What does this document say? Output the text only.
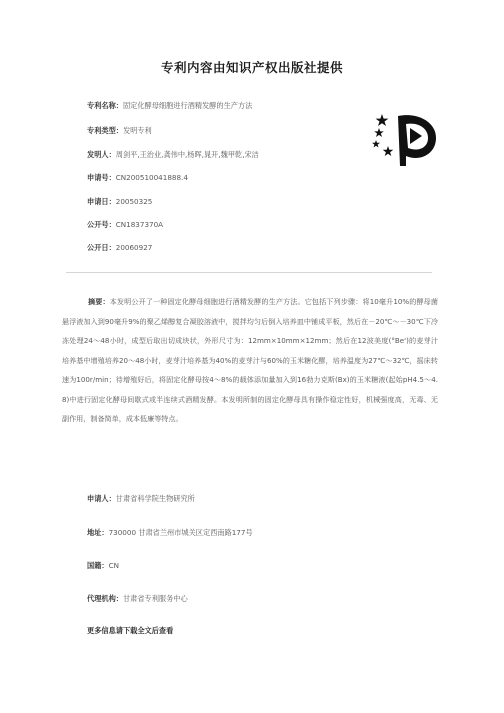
专利内容由知识产权出版社提供
专利名称：固定化酵母细胞进行酒精发酵的生产方法
专利类型：发明专利
发明人：周剑平,王治业,龚伟中,杨晖,晁开,魏甲乾,宋洁
申请号：CN200510041888.4
申请日：20050325
公开号：CN1837370A
公开日：20060927
摘要：本发明公开了一种固定化酵母细胞进行酒精发酵的生产方法。它包括下列步骤：将10毫升10%的酵母菌悬浮液加入到90毫升9%的聚乙烯醇复合凝胶溶液中，搅拌均匀后倒入培养皿中铺成平板，然后在－20℃～－30℃下冷冻处理24～48小时，成型后取出切成块状，外形尺寸为：12mm×10mm×12mm；然后在12波美度(°Be')的麦芽汁培养基中增殖培养20～48小时，麦芽汁培养基为40%的麦芽汁与60%的玉米糖化醪，培养温度为27℃～32℃，摇床转速为100r/min；待增殖好后，将固定化酵母按4～8%的载体添加量加入到16勃力克斯(Bx)的玉米糖液(起始pH4.5～4.8)中进行固定化酵母间歇式或半连续式酒精发酵。本发明所制的固定化酵母具有操作稳定性好，机械强度高，无毒、无副作用，制备简单，成本低廉等特点。
申请人：甘肃省科学院生物研究所
地址：730000 甘肃省兰州市城关区定西南路177号
国籍：CN
代理机构：甘肃省专利服务中心
更多信息请下载全文后查看
